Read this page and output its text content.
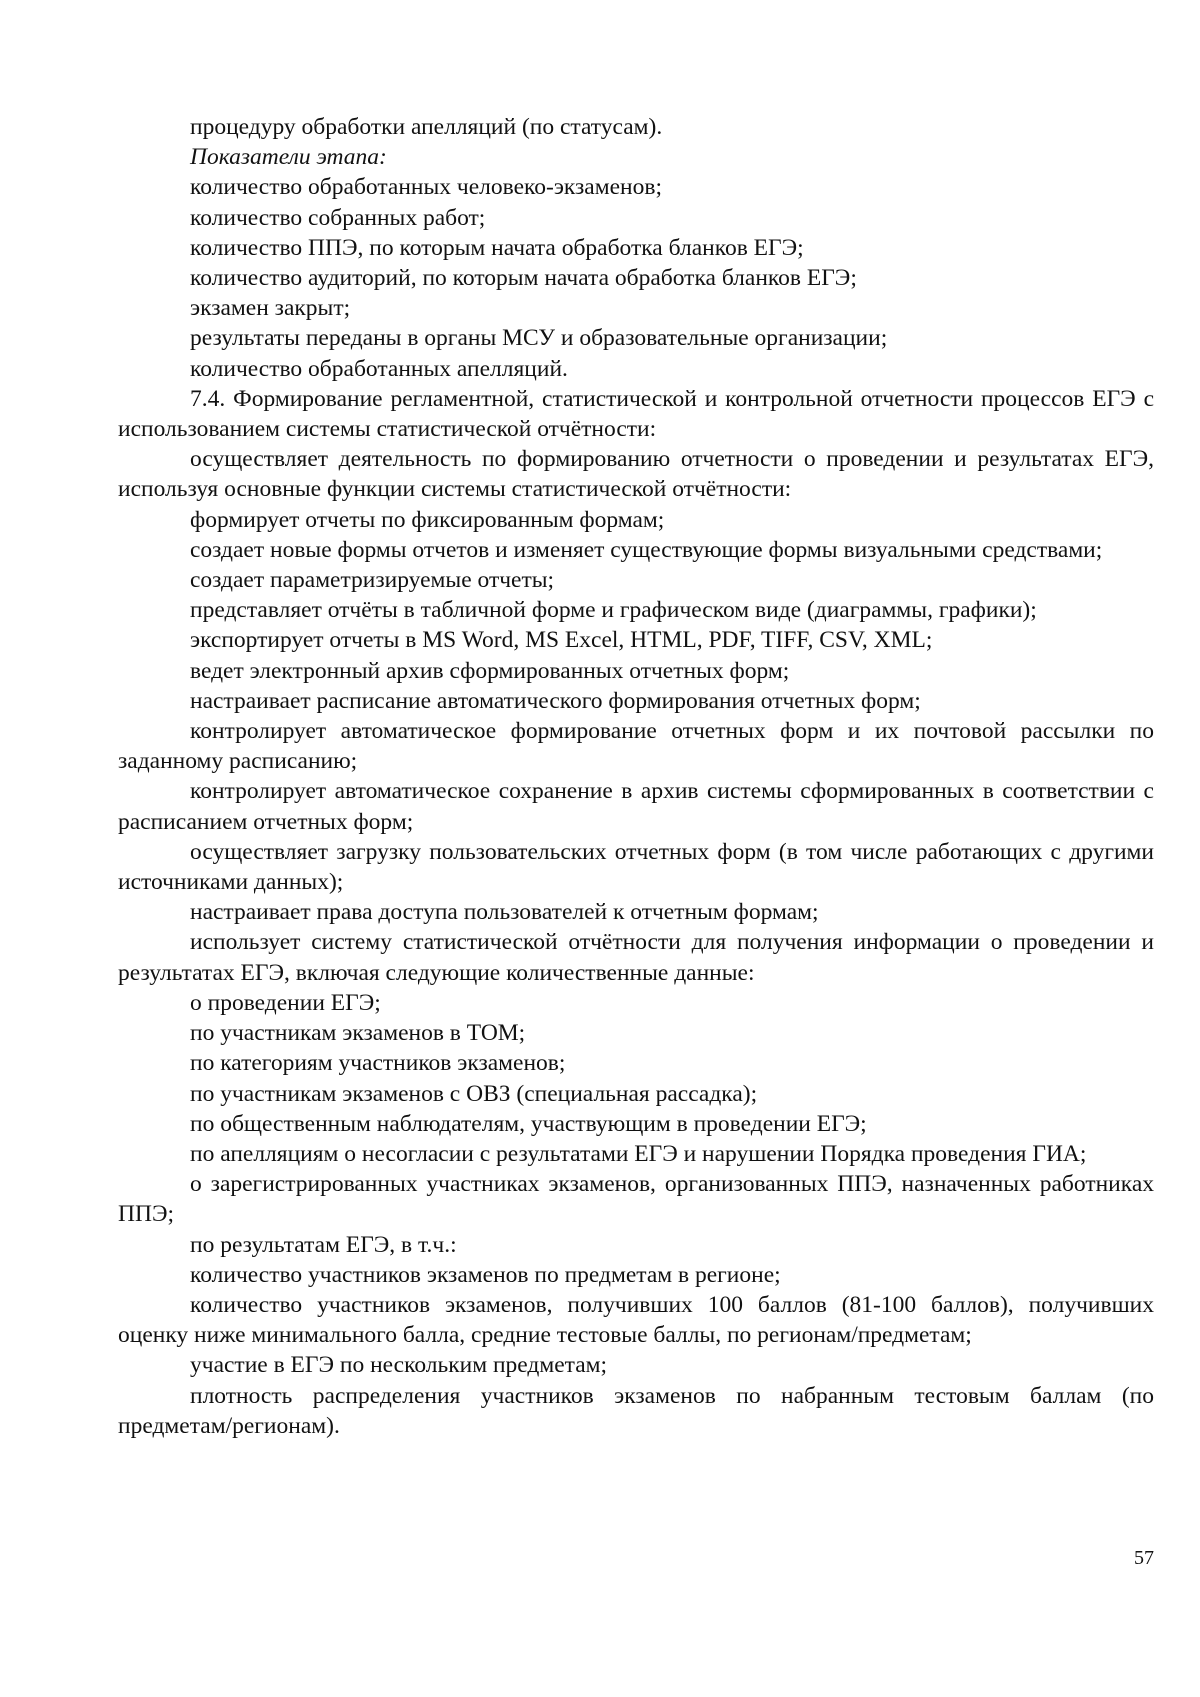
процедуру обработки апелляций (по статусам).

Показатели этапа:

количество обработанных человеко-экзаменов;

количество собранных работ;

количество ППЭ, по которым начата обработка бланков ЕГЭ;

количество аудиторий, по которым начата обработка бланков ЕГЭ;

экзамен закрыт;

результаты переданы в органы МСУ и образовательные организации;

количество обработанных апелляций.

7.4. Формирование регламентной, статистической и контрольной отчетности процессов ЕГЭ с использованием системы статистической отчётности:

осуществляет деятельность по формированию отчетности о проведении и результатах ЕГЭ, используя основные функции системы статистической отчётности:

формирует отчеты по фиксированным формам;

создает новые формы отчетов и изменяет существующие формы визуальными средствами;

создает параметризируемые отчеты;

представляет отчёты в табличной форме и графическом виде (диаграммы, графики);

экспортирует отчеты в MS Word, MS Excel, HTML, PDF, TIFF, CSV, XML;

ведет электронный архив сформированных отчетных форм;

настраивает расписание автоматического формирования отчетных форм;

контролирует автоматическое формирование отчетных форм и их почтовой рассылки по заданному расписанию;

контролирует автоматическое сохранение в архив системы сформированных в соответствии с расписанием отчетных форм;

осуществляет загрузку пользовательских отчетных форм (в том числе работающих с другими источниками данных);

настраивает права доступа пользователей к отчетным формам;

использует систему статистической отчётности для получения информации о проведении и результатах ЕГЭ, включая следующие количественные данные:

о проведении ЕГЭ;

по участникам экзаменов в ТОМ;

по категориям участников экзаменов;

по участникам экзаменов с ОВЗ (специальная рассадка);

по общественным наблюдателям, участвующим в проведении ЕГЭ;

по апелляциям о несогласии с результатами ЕГЭ и нарушении Порядка проведения ГИА;

о зарегистрированных участниках экзаменов, организованных ППЭ, назначенных работниках ППЭ;

по результатам ЕГЭ, в т.ч.:

количество участников экзаменов по предметам в регионе;

количество участников экзаменов, получивших 100 баллов (81-100 баллов), получивших оценку ниже минимального балла, средние тестовые баллы, по регионам/предметам;

участие в ЕГЭ по нескольким предметам;

плотность распределения участников экзаменов по набранным тестовым баллам (по предметам/регионам).

57
